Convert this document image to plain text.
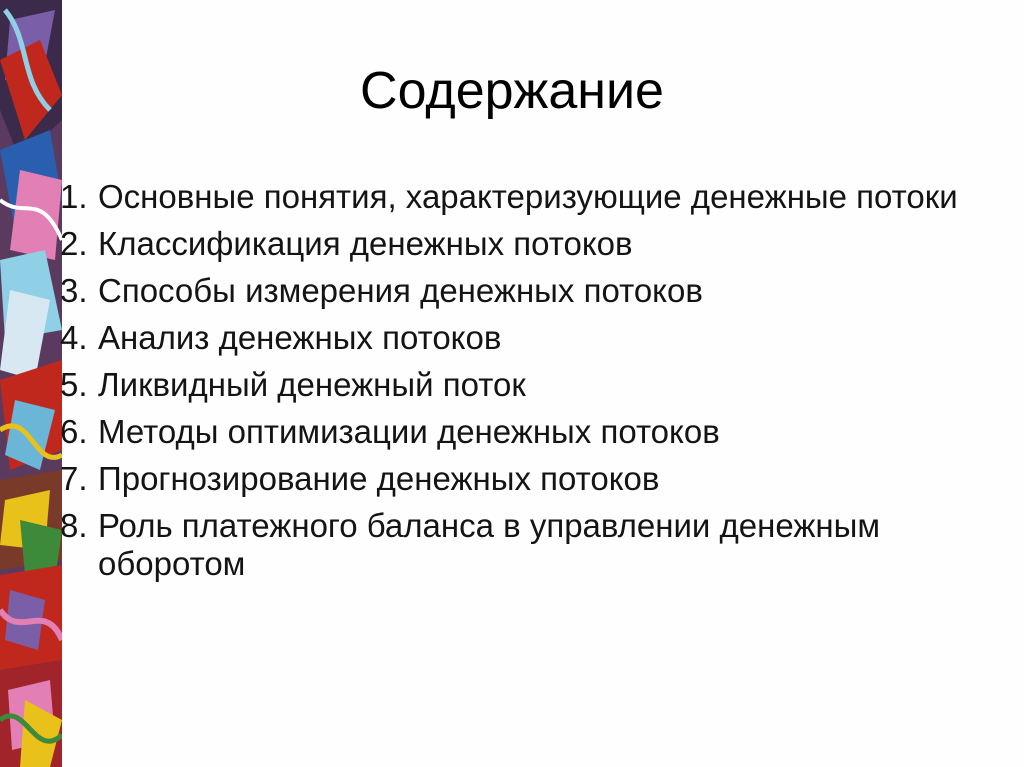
Содержание
1. Основные понятия, характеризующие денежные потоки
2. Классификация денежных потоков
3. Способы измерения денежных потоков
4. Анализ денежных потоков
5. Ликвидный денежный поток
6. Методы оптимизации денежных потоков
7. Прогнозирование денежных потоков
8. Роль платежного баланса в управлении денежным оборотом
